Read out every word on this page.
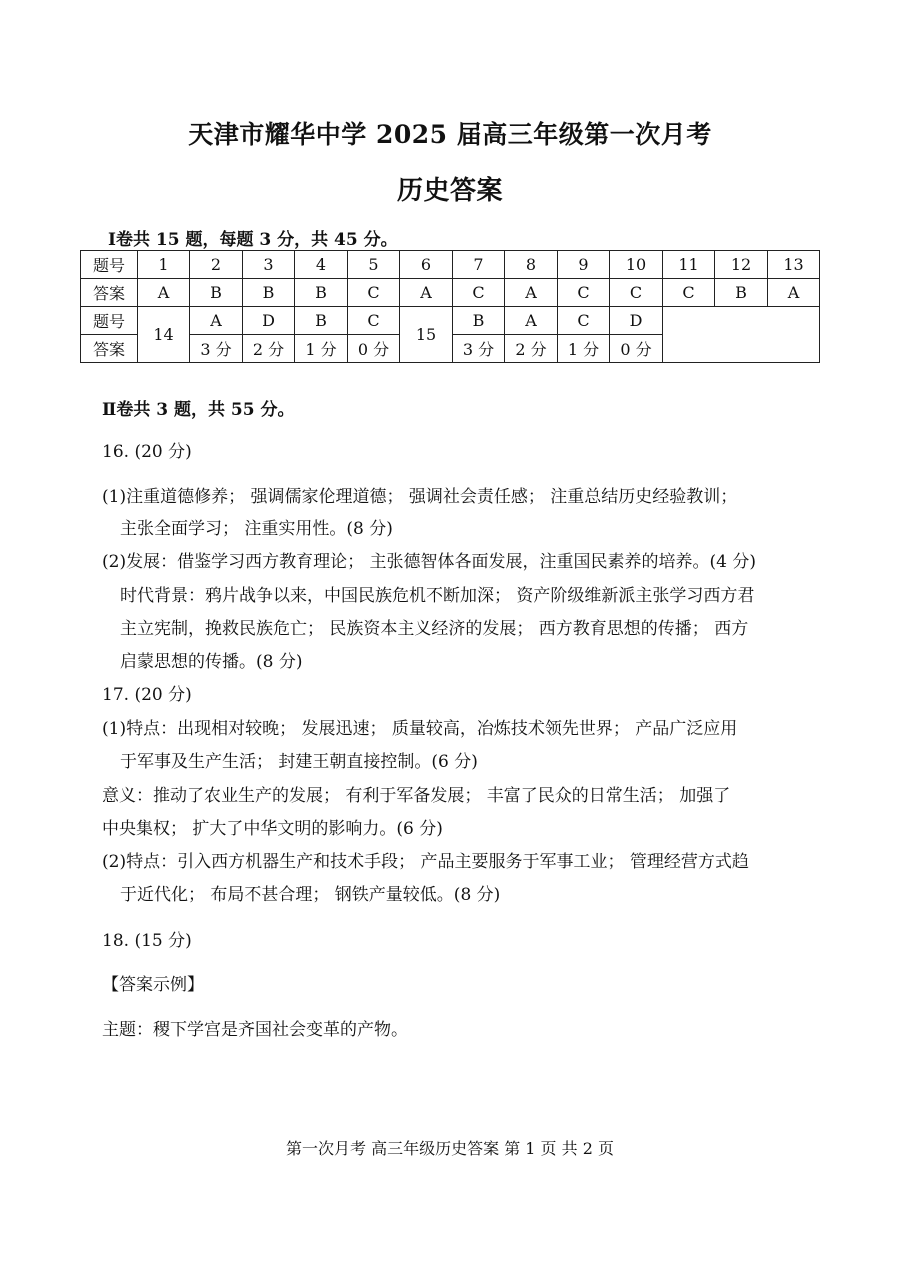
天津市耀华中学 2025 届高三年级第一次月考
历史答案
Ⅰ卷共 15 题，每题 3 分，共 45 分。
题号	1	2	3	4	5	6	7	8	9	10	11	12	13
答案	A	B	B	B	C	A	C	A	C	C	C	B	A
题号	14	A	D	B	C	15	B	A	C	D			
答案		3 分	2 分	1 分	0 分		3 分	2 分	1 分	0 分			
Ⅱ卷共 3 题，共 55 分。
16. (20 分)
(1)注重道德修养； 强调儒家伦理道德； 强调社会责任感； 注重总结历史经验教训；
主张全面学习； 注重实用性。(8 分)
(2)发展：借鉴学习西方教育理论； 主张德智体各面发展，注重国民素养的培养。(4 分)
时代背景：鸦片战争以来，中国民族危机不断加深； 资产阶级维新派主张学习西方君
主立宪制，挽救民族危亡； 民族资本主义经济的发展； 西方教育思想的传播； 西方
启蒙思想的传播。(8 分)
17. (20 分)
(1)特点：出现相对较晚； 发展迅速； 质量较高，冶炼技术领先世界； 产品广泛应用
于军事及生产生活； 封建王朝直接控制。(6 分)
意义：推动了农业生产的发展； 有利于军备发展； 丰富了民众的日常生活； 加强了
中央集权； 扩大了中华文明的影响力。(6 分)
(2)特点：引入西方机器生产和技术手段； 产品主要服务于军事工业； 管理经营方式趋
于近代化； 布局不甚合理； 钢铁产量较低。(8 分)
18. (15 分)
【答案示例】
主题：稷下学宫是齐国社会变革的产物。
第一次月考 高三年级历史答案 第 1 页 共 2 页
